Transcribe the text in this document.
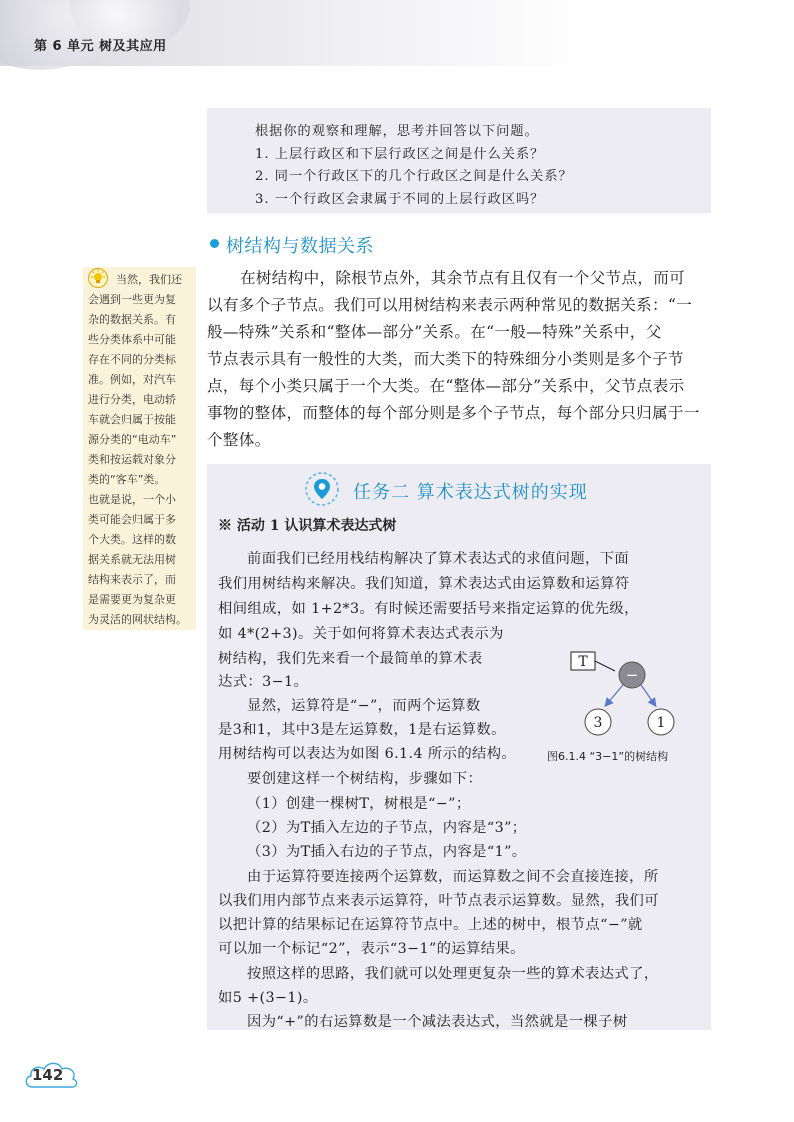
第 6 单元 树及其应用
根据你的观察和理解，思考并回答以下问题。
1. 上层行政区和下层行政区之间是什么关系？
2. 同一个行政区下的几个行政区之间是什么关系？
3. 一个行政区会隶属于不同的上层行政区吗？
树结构与数据关系
在树结构中，除根节点外，其余节点有且仅有一个父节点，而可
以有多个子节点。我们可以用树结构来表示两种常见的数据关系：“一
般—特殊”关系和“整体—部分”关系。在“一般—特殊”关系中，父
节点表示具有一般性的大类，而大类下的特殊细分小类则是多个子节
点，每个小类只属于一个大类。在“整体—部分”关系中，父节点表示
事物的整体，而整体的每个部分则是多个子节点，每个部分只归属于一
个整体。
当然，我们还
会遇到一些更为复
杂的数据关系。有
些分类体系中可能
存在不同的分类标
准。例如，对汽车
进行分类，电动轿
车就会归属于按能
源分类的“电动车”
类和按运载对象分
类的“客车”类。
也就是说，一个小
类可能会归属于多
个大类。这样的数
据关系就无法用树
结构来表示了，而
是需要更为复杂更
为灵活的网状结构。
任务二 算术表达式树的实现
※ 活动 1 认识算术表达式树
前面我们已经用栈结构解决了算术表达式的求值问题，下面
我们用树结构来解决。我们知道，算术表达式由运算数和运算符
相间组成，如 1+2*3。有时候还需要括号来指定运算的优先级，
如 4*(2+3)。关于如何将算术表达式表示为
树结构，我们先来看一个最简单的算术表
达式：3−1。
显然，运算符是“−”，而两个运算数
是3和1，其中3是左运算数，1是右运算数。
用树结构可以表达为如图 6.1.4 所示的结构。
要创建这样一个树结构，步骤如下：
（1）创建一棵树T，树根是“−”；
（2）为T插入左边的子节点，内容是“3”；
（3）为T插入右边的子节点，内容是“1”。
由于运算符要连接两个运算数，而运算数之间不会直接连接，所
以我们用内部节点来表示运算符，叶节点表示运算数。显然，我们可
以把计算的结果标记在运算符节点中。上述的树中，根节点“−”就
可以加一个标记“2”，表示“3−1”的运算结果。
按照这样的思路，我们就可以处理更复杂一些的算术表达式了，
如5 +(3−1)。
因为“+”的右运算数是一个减法表达式，当然就是一棵子树
T
−
3	1
图6.1.4 “3−1”的树结构
142
